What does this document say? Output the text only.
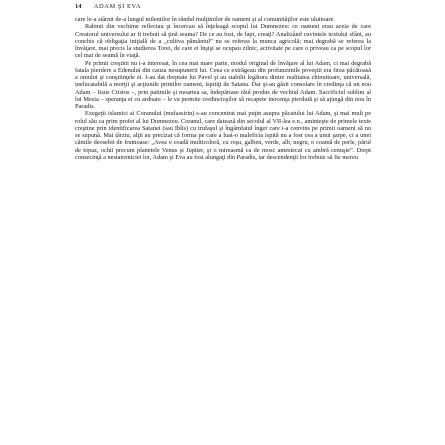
14 ADAM ŞI EVA

care le-a stârnit de-a lungul mileniilor în rândul mulţimilor de oameni şi al comunităţilor este uluitoare.

Rabinii din vechime reflectau şi încercau să înţeleagă scopul lui Dumnezeu: ce oameni erau aceia de care Creatorul universului ar fi trebuit să ţină seama? De ce au fost, de fapt, creaţi? Analizând cuvintele textului sfânt, au conchis că obligaţia iniţială de a „cultiva pământul” nu se referea la munca agricolă; mai degrabă se referea la învăţare, mai precis la studierea Torei, de care ei înşişi se ocupau zilnic, activitate pe care o priveau ca pe scopul lor cel mai de seamă în viaţă.

Pe primii creştini nu i-a interesat, în cea mai mare parte, modul original de învăţare al lui Adam, ci mai degrabă fatala pierdere a Edenului din cauza nesupunerii lui. Ceea ce extrăgeau din profunzimile poveştii era firea păcătoasă a omului şi conştiinţele ei. I-au dat dreptate lui Pavel şi au stabilit legătura dintre realitatea chinuitoare, universală, inelucatabilă a morţii şi acţiunile primilor oameni, ispitiţi de Satana. Dar şi-au găsit consolare în credinţa că un nou Adam – Iisus Cristos –, prin patimile şi moartea sa, îndepărtase răul produs de vechiul Adam. Sacrificiul sublim al lui Mesia – speranţa ei cu ardoare – le va permite credincioşilor să recapete inocenţa pierdută şi să ajungă din nou în Paradis.

Exegeţii islamici ai Coranului (mufassirin) s-au concentrat mai puţin asupra păcatului lui Adam, şi mai mult pe rolul său ca prim profet al lui Dumnezeu. Coranul, care datează din secolul al VII-lea e.n., aminteşte de primele texte creştine prin identificarea Satanei (sau Iblis) cu trufaşul şi îngâmfatul înger care i-a convins pe primii oameni să nu se supună. Mai târziu, alţii au precizat că forma pe care a luat-o maleficia ispită nu a fost cea a unui şarpe, ci a unei cămile deosebit de frumoase: „Avea o coadă multicoloră, cu roşu, galben, verde, alb, negru, o coamă de perle, părul de topaz, ochii precum planetele Venus şi Jupiter, şi o mireasmă ca de mosc amestecat cu ambră cenuşie”. Drept consecinţă a nestatorniciei lor, Adam şi Eva au fost alungaţi din Paradis, iar descendenţii lor trebuie să fie mereu
